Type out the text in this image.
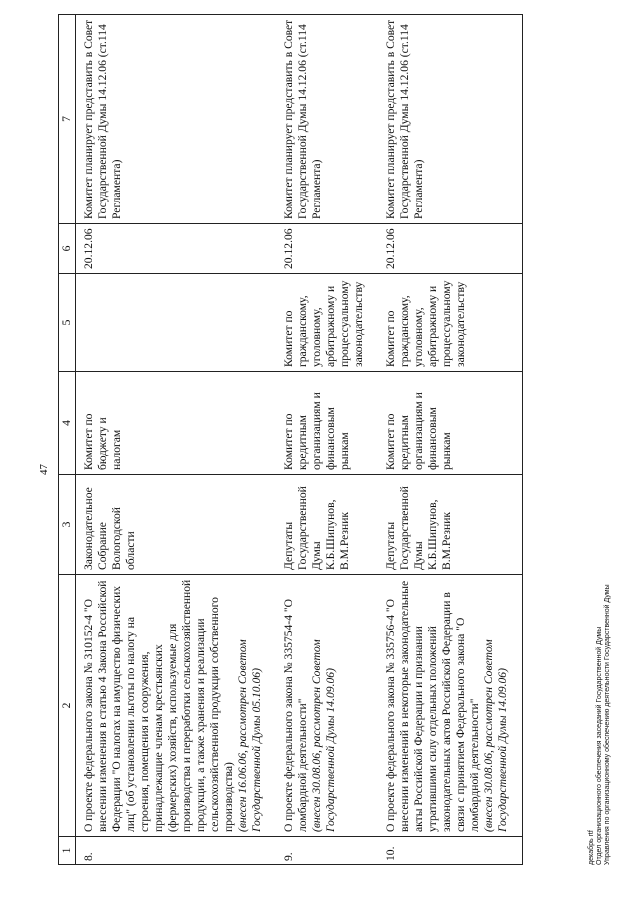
47
1	2	3	4	5	6	7
8.	О проекте федерального закона № 310152-4 "О внесении изменения в статью 4 Закона Российской Федерации "О налогах на имущество физических лиц" (об установлении льготы по налогу на строения, помещения и сооружения, принадлежащие членам крестьянских (фермерских) хозяйств, используемые для производства и переработки сельскохозяйственной продукции, а также хранения и реализации сельскохозяйственной продукции собственного производства) (внесен 16.06.06, рассмотрен Советом Государственной Думы 05.10.06)	Законодательное Собрание Вологодской области	Комитет по бюджету и налогам		20.12.06	Комитет планирует представить в Совет Государственной Думы 14.12.06 (ст.114 Регламента)
9.	О проекте федерального закона № 335754-4 "О ломбардной деятельности" (внесен 30.08.06, рассмотрен Советом Государственной Думы 14.09.06)	Депутаты Государственной Думы К.Б.Шипунов, В.М.Резник	Комитет по кредитным организациям и финансовым рынкам	Комитет по гражданскому, уголовному, арбитражному и процессуальному законодательству	20.12.06	Комитет планирует представить в Совет Государственной Думы 14.12.06 (ст.114 Регламента)
10.	О проекте федерального закона № 335756-4 "О внесении изменений в некоторые законодательные акты Российской Федерации и признании утратившими силу отдельных положений законодательных актов Российской Федерации в связи с принятием Федерального закона "О ломбардной деятельности" (внесен 30.08.06, рассмотрен Советом Государственной Думы 14.09.06)	Депутаты Государственной Думы К.Б.Шипунов, В.М.Резник	Комитет по кредитным организациям и финансовым рынкам	Комитет по гражданскому, уголовному, арбитражному и процессуальному законодательству	20.12.06	Комитет планирует представить в Совет Государственной Думы 14.12.06 (ст.114 Регламента)
декабрь rtf Отдел организационного обеспечения заседаний Государственной Думы Управления по организационному обеспечению деятельности Государственной Думы
